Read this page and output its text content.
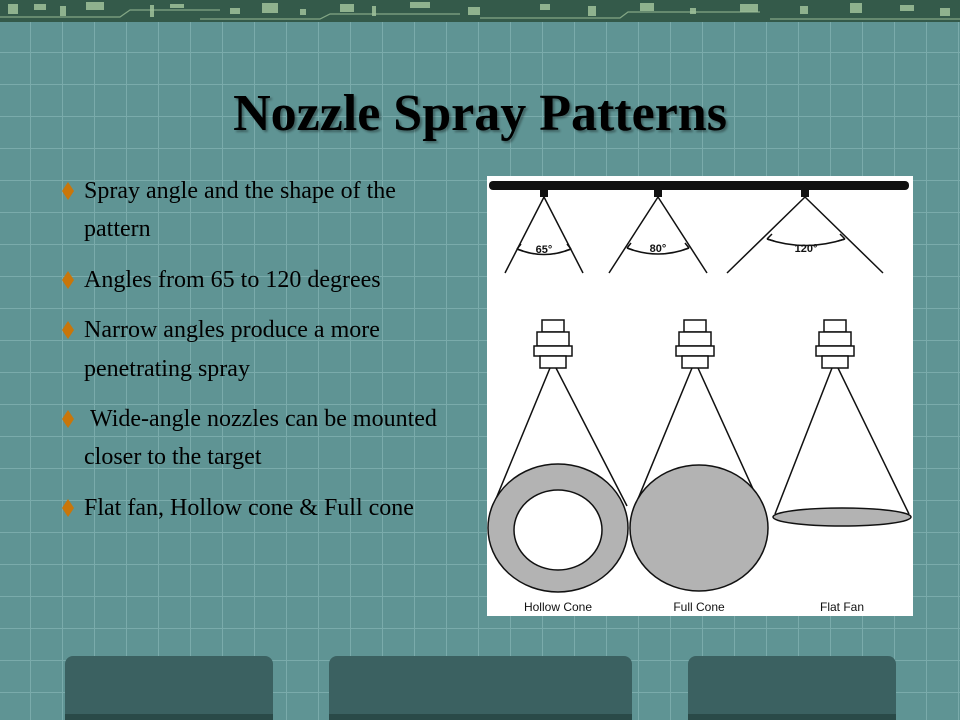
Nozzle Spray Patterns
Spray angle and the shape of the pattern
Angles from 65 to 120 degrees
Narrow angles produce a more penetrating spray
Wide-angle nozzles can be mounted closer to the target
Flat fan, Hollow cone & Full cone
65°	80°	120°
Hollow Cone	Full Cone	Flat Fan
